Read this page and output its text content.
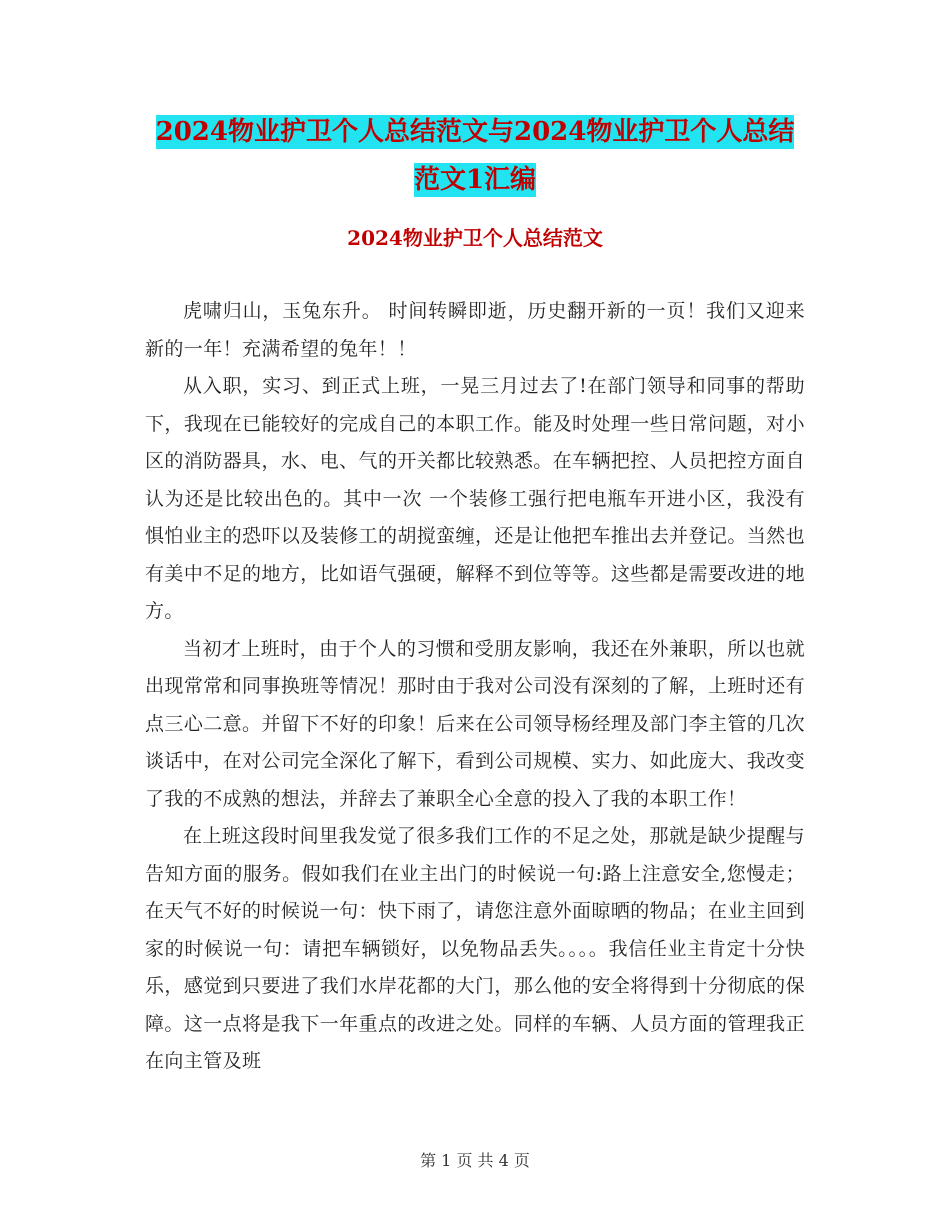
2024物业护卫个人总结范文与2024物业护卫个人总结
范文1汇编
2024物业护卫个人总结范文

虎啸归山，玉兔东升。 时间转瞬即逝，历史翻开新的一页！我们又迎来新的一年！充满希望的兔年！！

从入职，实习、到正式上班，一晃三月过去了!在部门领导和同事的帮助下，我现在已能较好的完成自己的本职工作。能及时处理一些日常问题，对小区的消防器具，水、电、气的开关都比较熟悉。在车辆把控、人员把控方面自认为还是比较出色的。其中一次 一个装修工强行把电瓶车开进小区，我没有惧怕业主的恐吓以及装修工的胡搅蛮缠，还是让他把车推出去并登记。当然也有美中不足的地方，比如语气强硬，解释不到位等等。这些都是需要改进的地方。

当初才上班时，由于个人的习惯和受朋友影响，我还在外兼职，所以也就出现常常和同事换班等情况！那时由于我对公司没有深刻的了解，上班时还有点三心二意。并留下不好的印象！后来在公司领导杨经理及部门李主管的几次谈话中，在对公司完全深化了解下，看到公司规模、实力、如此庞大、我改变了我的不成熟的想法，并辞去了兼职全心全意的投入了我的本职工作！

在上班这段时间里我发觉了很多我们工作的不足之处，那就是缺少提醒与告知方面的服务。假如我们在业主出门的时候说一句:路上注意安全,您慢走；在天气不好的时候说一句：快下雨了，请您注意外面晾晒的物品；在业主回到家的时候说一句：请把车辆锁好，以免物品丢失。。。。我信任业主肯定十分快乐，感觉到只要进了我们水岸花都的大门，那么他的安全将得到十分彻底的保障。这一点将是我下一年重点的改进之处。同样的车辆、人员方面的管理我正在向主管及班

第 1 页 共 4 页
